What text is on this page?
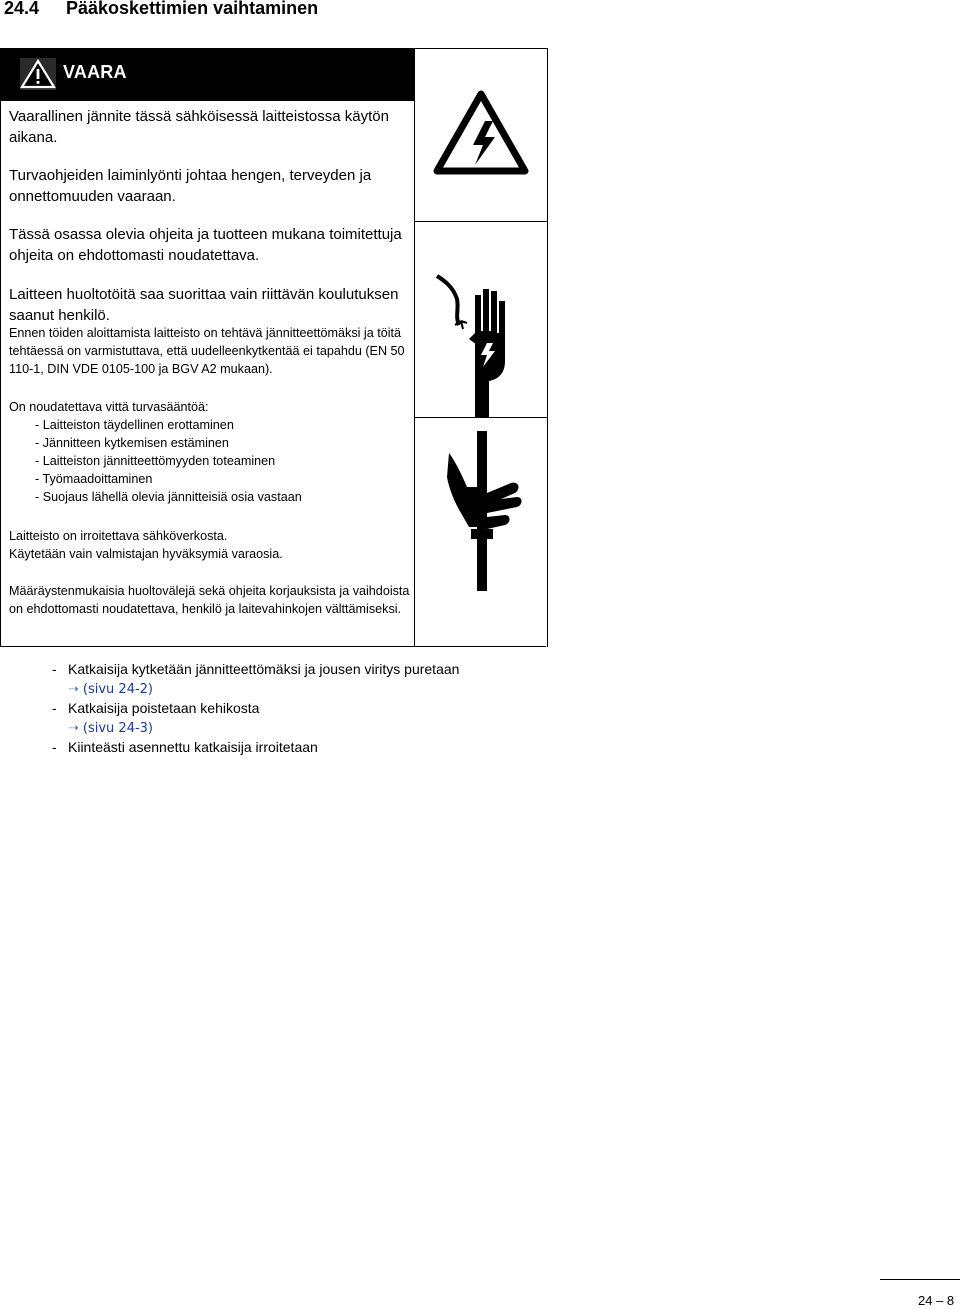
24.4 Pääkoskettimien vaihtaminen
VAARA

Vaarallinen jännite tässä sähköisessä laitteistossa käytön aikana.

Turvaohjeiden laiminlyönti johtaa hengen, terveyden ja onnettomuuden vaaraan.

Tässä osassa olevia ohjeita ja tuotteen mukana toimitettuja ohjeita on ehdottomasti noudatettava.

Laitteen huoltotöitä saa suorittaa vain riittävän koulutuksen saanut henkilö.

Ennen töiden aloittamista laitteisto on tehtävä jännitteettömäksi ja töitä tehtäessä on varmistuttava, että uudelleenkytkentää ei tapahdu (EN 50 110-1, DIN VDE 0105-100 ja BGV A2 mukaan).

On noudatettava vittä turvasääntöä:

- Laitteiston täydellinen erottaminen

- Jännitteen kytkemisen estäminen

- Laitteiston jännitteettömyyden toteaminen

- Työmaadoittaminen

- Suojaus lähellä olevia jännitteisiä osia vastaan

Laitteisto on irroitettava sähköverkosta.

Käytetään vain valmistajan hyväksymiä varaosia.

Määräystenmukaisia huoltovälejä sekä ohjeita korjauksista ja vaihdoista on ehdottomasti noudatettava, henkilö ja laitevahinkojen välttämiseksi.

- Katkaisija kytketään jännitteettömäksi ja jousen viritys puretaan
➝ (sivu 24-2)
- Katkaisija poistetaan kehikosta
➝ (sivu 24-3)
- Kiinteästi asennettu katkaisija irroitetaan
24 – 8
